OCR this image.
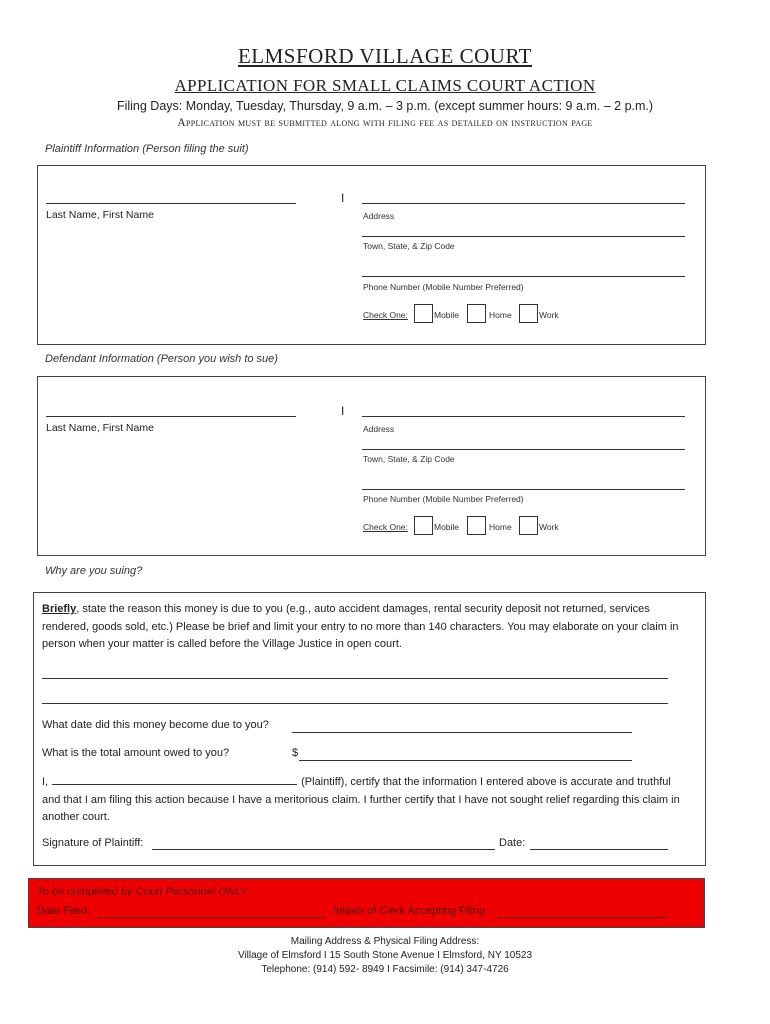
ELMSFORD VILLAGE COURT
APPLICATION FOR SMALL CLAIMS COURT ACTION
Filing Days: Monday, Tuesday, Thursday, 9 a.m. – 3 p.m. (except summer hours: 9 a.m. – 2 p.m.)
Application must be submitted along with filing fee as detailed on instruction page
Plaintiff Information (Person filing the suit)
Last Name, First Name
I
Address
Town, State, & Zip Code
Phone Number (Mobile Number Preferred)
Check One:	Mobile	Home	Work
Defendant Information (Person you wish to sue)
Last Name, First Name
I
Address
Town, State, & Zip Code
Phone Number (Mobile Number Preferred)
Check One:	Mobile	Home	Work
Why are you suing?
Briefly, state the reason this money is due to you (e.g., auto accident damages, rental security deposit not returned, services rendered, goods sold, etc.) Please be brief and limit your entry to no more than 140 characters. You may elaborate on your claim in person when your matter is called before the Village Justice in open court.
What date did this money become due to you?
What is the total amount owed to you?	$
I,	(Plaintiff), certify that the information I entered above is accurate and truthful and that I am filing this action because I have a meritorious claim. I further certify that I have not sought relief regarding this claim in another court.
Signature of Plaintiff:	Date:
To be completed by Court Personnel ONLY:
Date Filed:	Initials of Clerk Accepting Filing:
Mailing Address & Physical Filing Address:
Village of Elmsford I 15 South Stone Avenue I Elmsford, NY 10523
Telephone: (914) 592- 8949 I Facsimile: (914) 347-4726
